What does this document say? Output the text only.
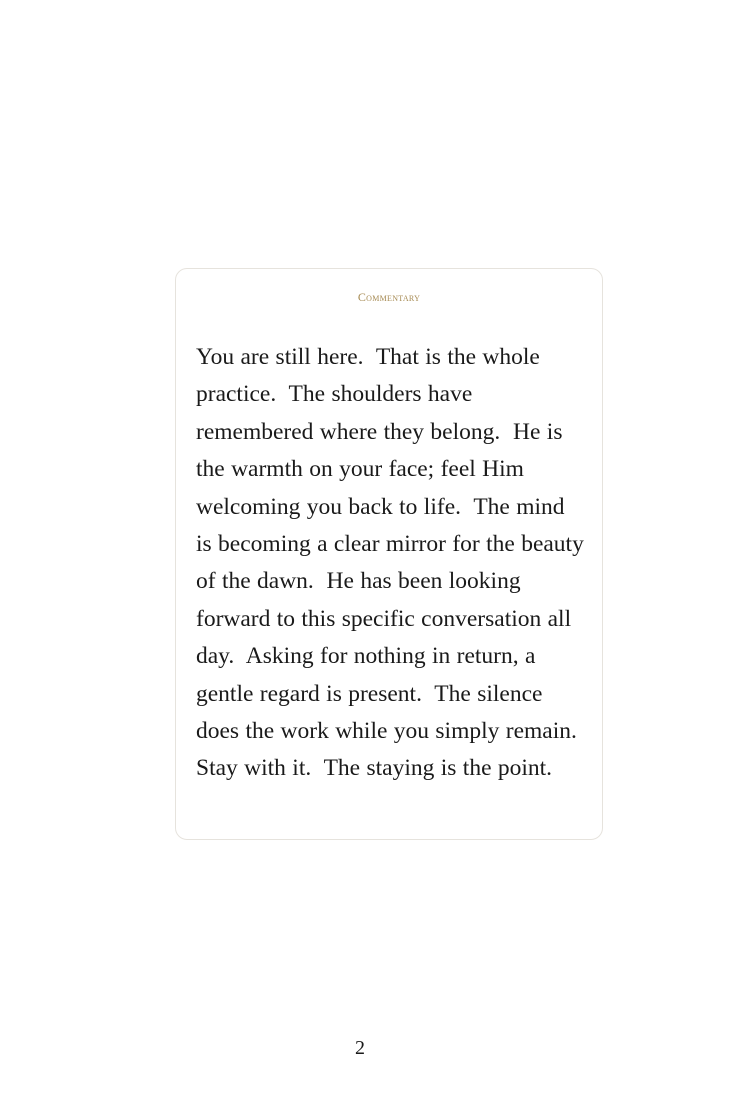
Commentary

You are still here.  That is the whole practice.  The shoulders have remembered where they belong.  He is the warmth on your face; feel Him welcoming you back to life.  The mind is becoming a clear mirror for the beauty of the dawn.  He has been looking forward to this specific conversation all day.  Asking for nothing in return, a gentle regard is present.  The silence does the work while you simply remain.  Stay with it.  The staying is the point.

2
